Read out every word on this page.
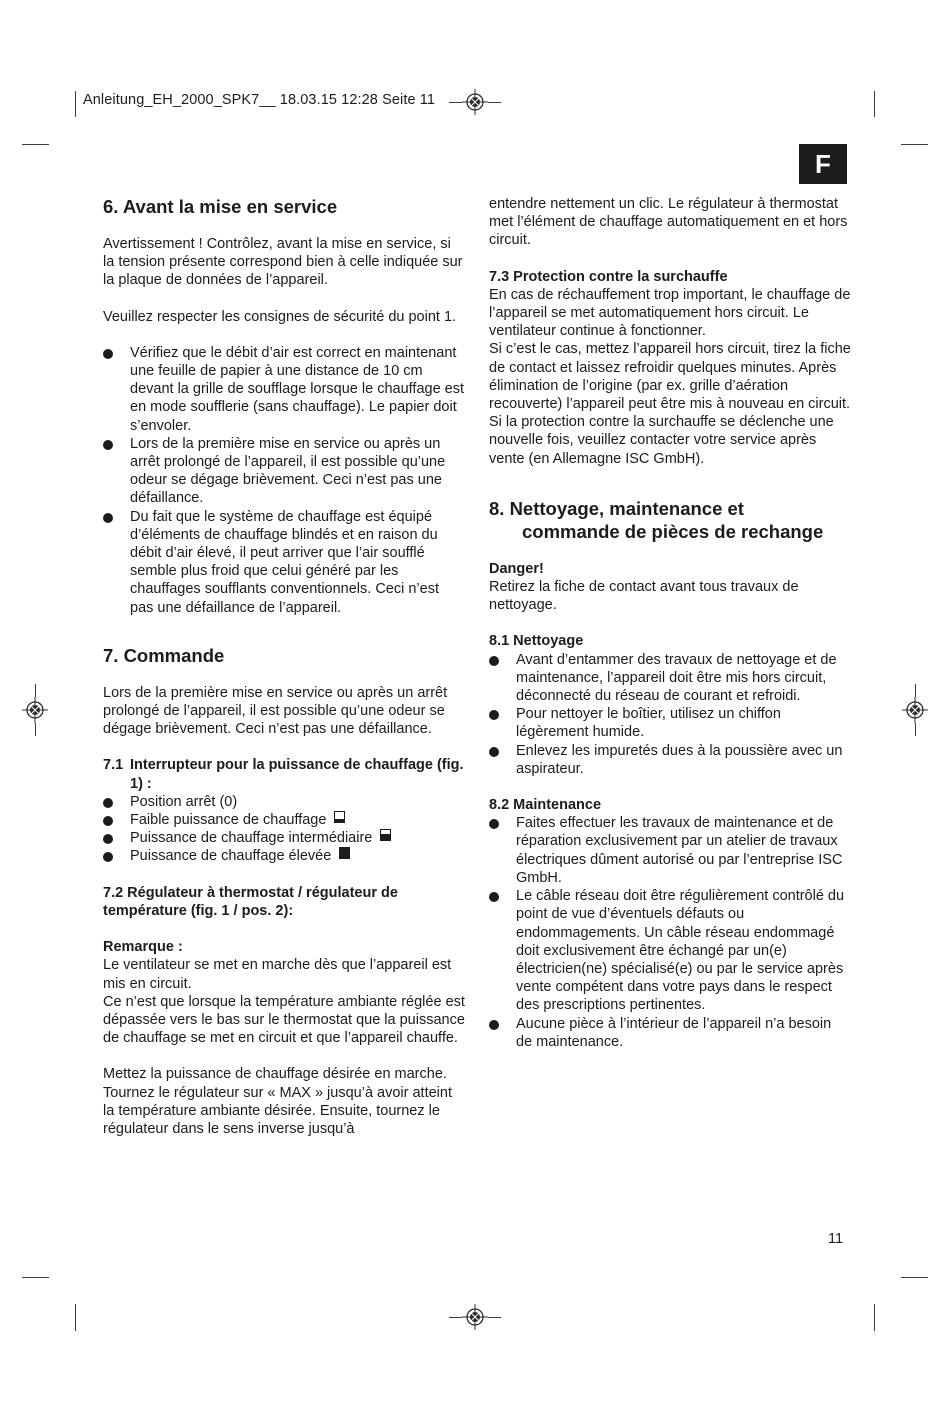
Anleitung_EH_2000_SPK7__ 18.03.15 12:28 Seite 11
F
11
6. Avant la mise en service

Avertissement ! Contrôlez, avant la mise en service, si la tension présente correspond bien à celle indiquée sur la plaque de données de l’appareil.

Veuillez respecter les consignes de sécurité du point 1.

Vérifiez que le débit d’air est correct en maintenant une feuille de papier à une distance de 10 cm devant la grille de soufflage lorsque le chauffage est en mode soufflerie (sans chauffage). Le papier doit s’envoler.
Lors de la première mise en service ou après un arrêt prolongé de l’appareil, il est possible qu’une odeur se dégage brièvement. Ceci n’est pas une défaillance.
Du fait que le système de chauffage est équipé d’éléments de chauffage blindés et en raison du débit d’air élevé, il peut arriver que l’air soufflé semble plus froid que celui généré par les chauffages soufflants conventionnels. Ceci n’est pas une défaillance de l’appareil.
7. Commande

Lors de la première mise en service ou après un arrêt prolongé de l’appareil, il est possible qu’une odeur se dégage brièvement. Ceci n’est pas une défaillance.

7.1 Interrupteur pour la puissance de chauffage (fig. 1) :
Position arrêt (0)
Faible puissance de chauffage
Puissance de chauffage intermédiaire
Puissance de chauffage élevée

7.2 Régulateur à thermostat / régulateur de température (fig. 1 / pos. 2):

Remarque :

Le ventilateur se met en marche dès que l’appareil est mis en circuit.

Ce n’est que lorsque la température ambiante réglée est dépassée vers le bas sur le thermostat que la puissance de chauffage se met en circuit et que l’appareil chauffe.

Mettez la puissance de chauffage désirée en marche.

Tournez le régulateur sur « MAX » jusqu’à avoir atteint la température ambiante désirée. Ensuite, tournez le régulateur dans le sens inverse jusqu’à

entendre nettement un clic. Le régulateur à thermostat met l’élément de chauffage automatiquement en et hors circuit.

7.3 Protection contre la surchauffe

En cas de réchauffement trop important, le chauffage de l’appareil se met automatiquement hors circuit. Le ventilateur continue à fonctionner.

Si c’est le cas, mettez l’appareil hors circuit, tirez la fiche de contact et laissez refroidir quelques minutes. Après élimination de l’origine (par ex. grille d’aération recouverte) l’appareil peut être mis à nouveau en circuit.

Si la protection contre la surchauffe se déclenche une nouvelle fois, veuillez contacter votre service après vente (en Allemagne ISC GmbH).

8. Nettoyage, maintenance et
commande de pièces de rechange

Danger!

Retirez la fiche de contact avant tous travaux de nettoyage.

8.1 Nettoyage

Avant d’entammer des travaux de nettoyage et de maintenance, l’appareil doit être mis hors circuit, déconnecté du réseau de courant et refroidi.
Pour nettoyer le boîtier, utilisez un chiffon légèrement humide.
Enlevez les impuretés dues à la poussière avec un aspirateur.

8.2 Maintenance

Faites effectuer les travaux de maintenance et de réparation exclusivement par un atelier de travaux électriques dûment autorisé ou par l’entreprise ISC GmbH.
Le câble réseau doit être régulièrement contrôlé du point de vue d’éventuels défauts ou endommagements. Un câble réseau endommagé doit exclusivement être échangé par un(e) électricien(ne) spécialisé(e) ou par le service après vente compétent dans votre pays dans le respect des prescriptions pertinentes.
Aucune pièce à l’intérieur de l’appareil n’a besoin de maintenance.
